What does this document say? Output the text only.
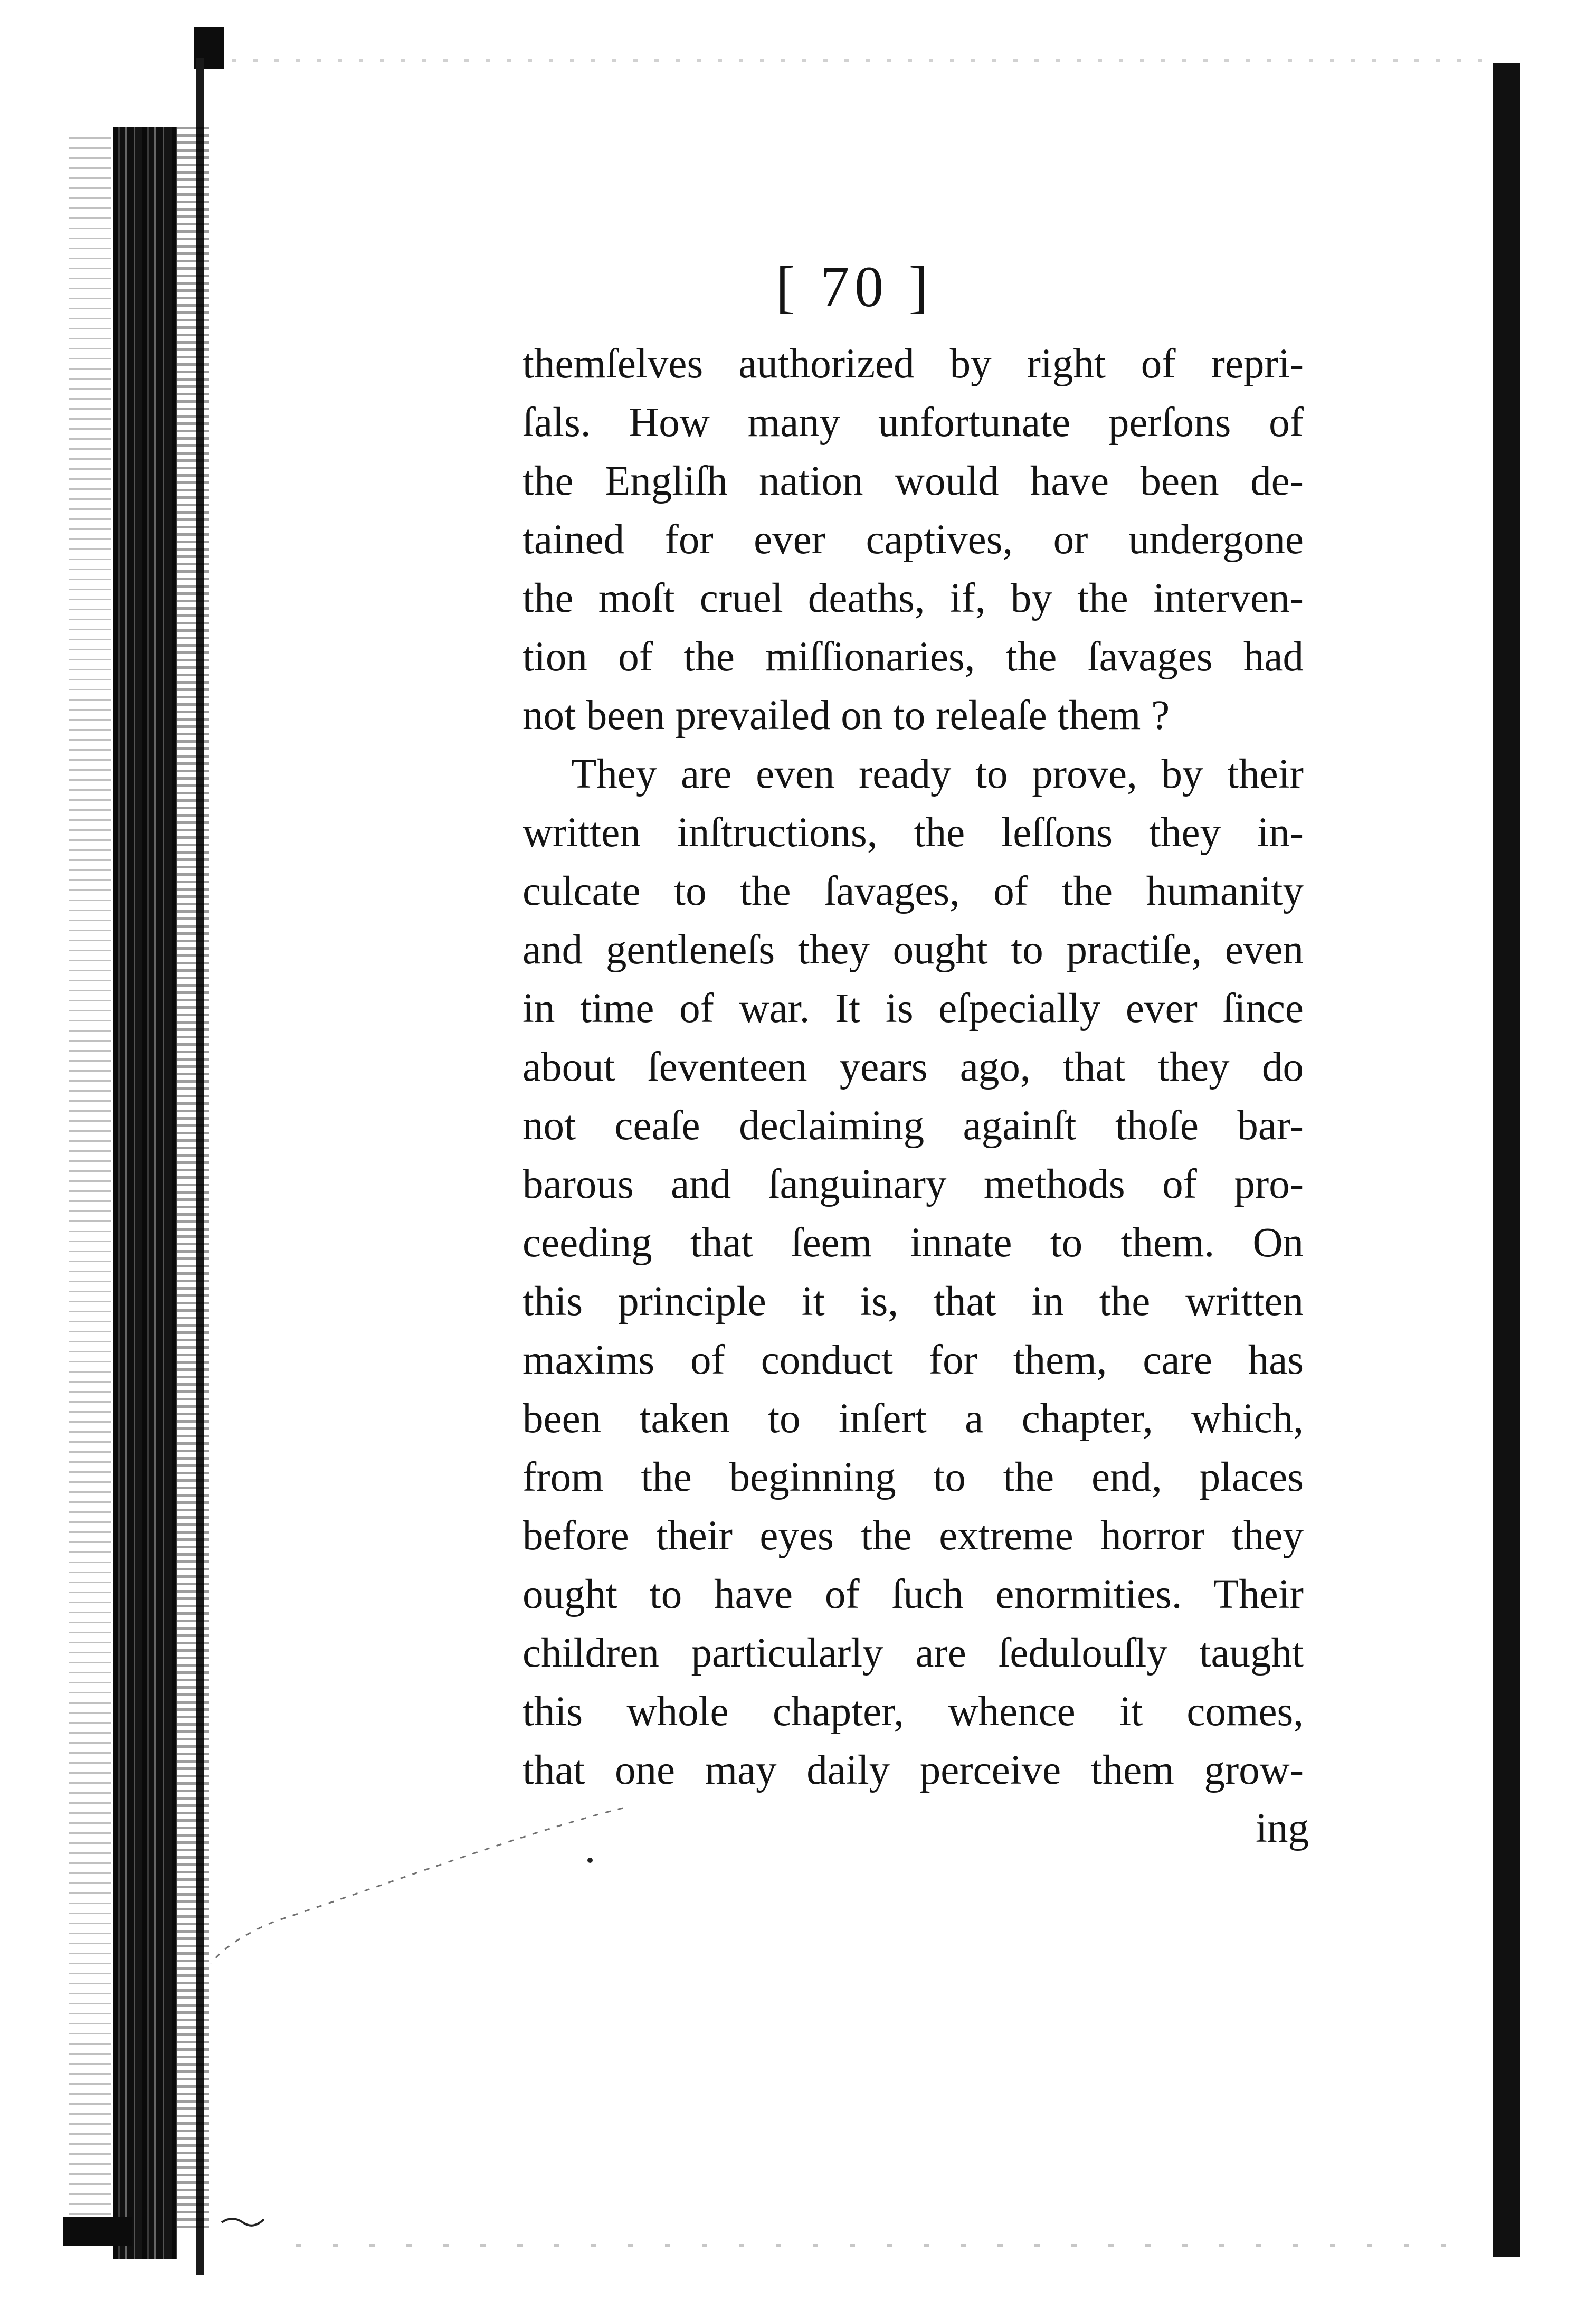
[ 70 ]
themſelves authorized by right of repri-
ſals. How many unfortunate perſons of
the Engliſh nation would have been de-
tained for ever captives, or undergone
the moſt cruel deaths, if, by the interven-
tion of the miſſionaries, the ſavages had
not been prevailed on to releaſe them ?
They are even ready to prove, by their
written inſtructions, the leſſons they in-
culcate to the ſavages, of the humanity
and gentleneſs they ought to practiſe, even
in time of war. It is eſpecially ever ſince
about ſeventeen years ago, that they do
not ceaſe declaiming againſt thoſe bar-
barous and ſanguinary methods of pro-
ceeding that ſeem innate to them. On
this principle it is, that in the written
maxims of conduct for them, care has
been taken to inſert a chapter, which,
from the beginning to the end, places
before their eyes the extreme horror they
ought to have of ſuch enormities. Their
children particularly are ſedulouſly taught
this whole chapter, whence it comes,
that one may daily perceive them grow-
ing
